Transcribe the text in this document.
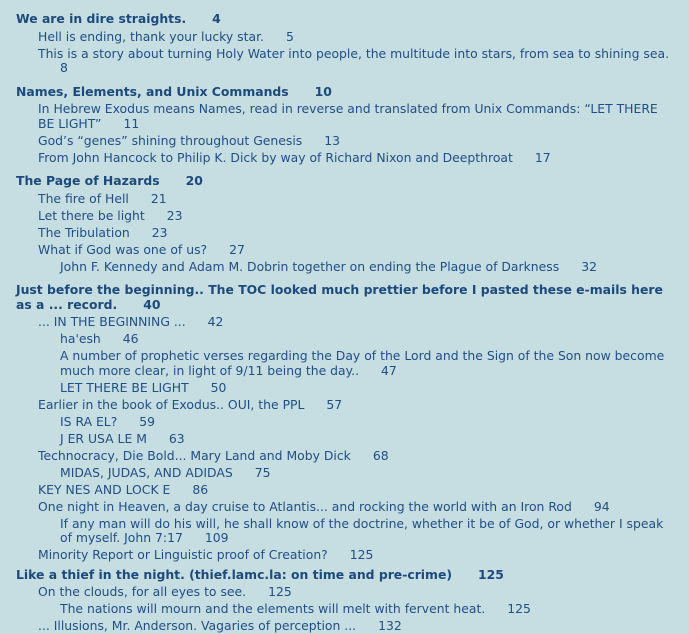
We are in dire straights. 4
Hell is ending, thank your lucky star. 5
This is a story about turning Holy Water into people, the multitude into stars, from sea to shining sea.8
Names, Elements, and Unix Commands 10
In Hebrew Exodus means Names, read in reverse and translated from Unix Commands: “LET THERE BE LIGHT” 11
God’s “genes” shining throughout Genesis 13
From John Hancock to Philip K. Dick by way of Richard Nixon and Deepthroat 17
The Page of Hazards 20
The fire of Hell 21
Let there be light 23
The Tribulation 23
What if God was one of us? 27
John F. Kennedy and Adam M. Dobrin together on ending the Plague of Darkness 32
Just before the beginning.. The TOC looked much prettier before I pasted these e-mails here as a ... record. 40
... IN THE BEGINNING ... 42
ha'esh 46
A number of prophetic verses regarding the Day of the Lord and the Sign of the Son now become much more clear, in light of 9/11 being the day.. 47
LET THERE BE LIGHT 50
Earlier in the book of Exodus.. OUI, the PPL 57
IS RA EL? 59
J ER USA LE M 63
Technocracy, Die Bold... Mary Land and Moby Dick 68
MIDAS, JUDAS, AND ADIDAS 75
KEY NES AND LOCK E 86
One night in Heaven, a day cruise to Atlantis... and rocking the world with an Iron Rod 94
If any man will do his will, he shall know of the doctrine, whether it be of God, or whether I speak of myself. John 7:17 109
Minority Report or Linguistic proof of Creation? 125
Like a thief in the night. (thief.lamc.la: on time and pre-crime) 125
On the clouds, for all eyes to see. 125
The nations will mourn and the elements will melt with fervent heat. 125
... Illusions, Mr. Anderson. Vagaries of perception ... 132
